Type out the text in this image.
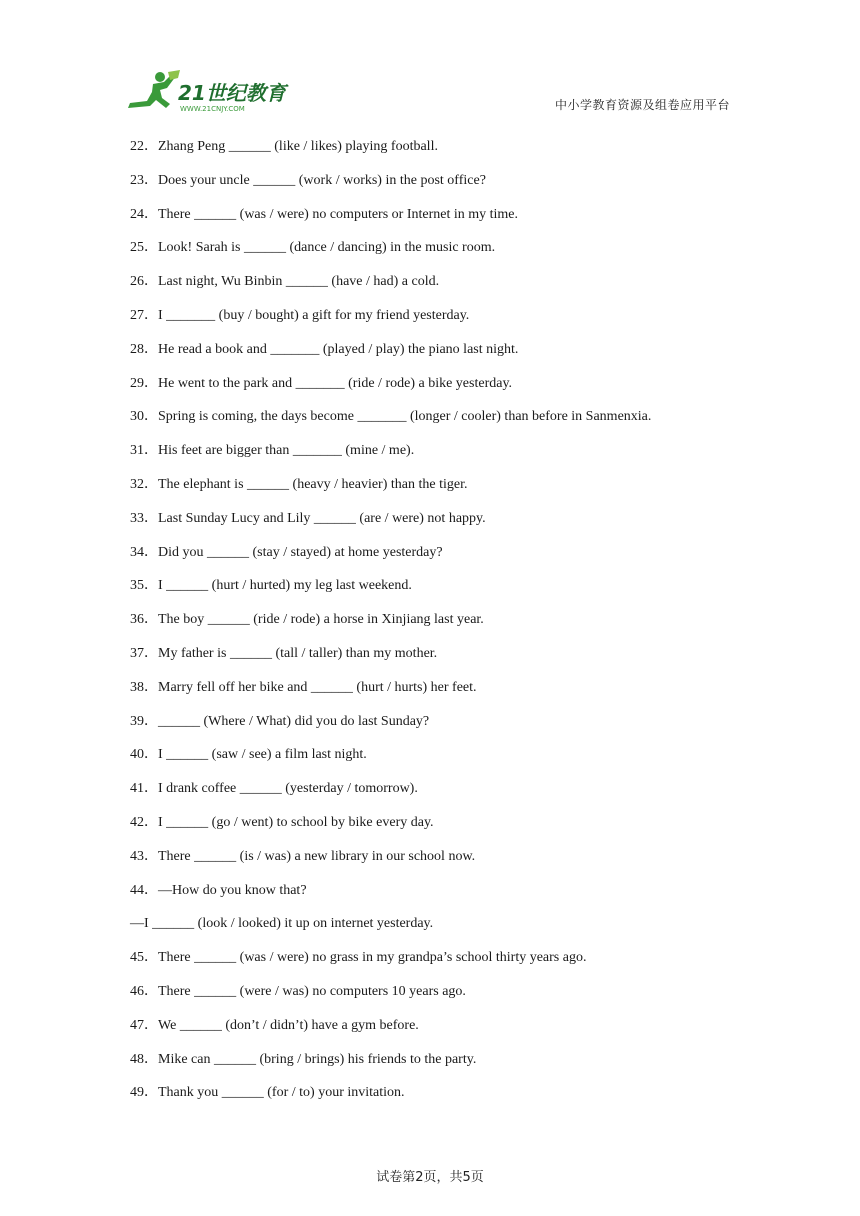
21世纪教育
WWW.21CNJY.COM	中小学教育资源及组卷应用平台
22．Zhang Peng ______ (like / likes) playing football.
23．Does your uncle ______ (work / works) in the post office?
24．There ______ (was / were) no computers or Internet in my time.
25．Look! Sarah is ______ (dance / dancing) in the music room.
26．Last night, Wu Binbin ______ (have / had) a cold.
27．I _______ (buy / bought) a gift for my friend yesterday.
28．He read a book and _______ (played / play) the piano last night.
29．He went to the park and _______ (ride / rode) a bike yesterday.
30．Spring is coming, the days become _______ (longer / cooler) than before in Sanmenxia.
31．His feet are bigger than _______ (mine / me).
32．The elephant is ______ (heavy / heavier) than the tiger.
33．Last Sunday Lucy and Lily ______ (are / were) not happy.
34．Did you ______ (stay / stayed) at home yesterday?
35．I ______ (hurt / hurted) my leg last weekend.
36．The boy ______ (ride / rode) a horse in Xinjiang last year.
37．My father is ______ (tall / taller) than my mother.
38．Marry fell off her bike and ______ (hurt / hurts) her feet.
39．______ (Where / What) did you do last Sunday?
40．I ______ (saw / see) a film last night.
41．I drank coffee ______ (yesterday / tomorrow).
42．I ______ (go / went) to school by bike every day.
43．There ______ (is / was) a new library in our school now.
44．—How do you know that?
—I ______ (look / looked) it up on internet yesterday.
45．There ______ (was / were) no grass in my grandpa’s school thirty years ago.
46．There ______ (were / was) no computers 10 years ago.
47．We ______ (don’t / didn’t) have a gym before.
48．Mike can ______ (bring / brings) his friends to the party.
49．Thank you ______ (for / to) your invitation.
试卷第2页，共5页
